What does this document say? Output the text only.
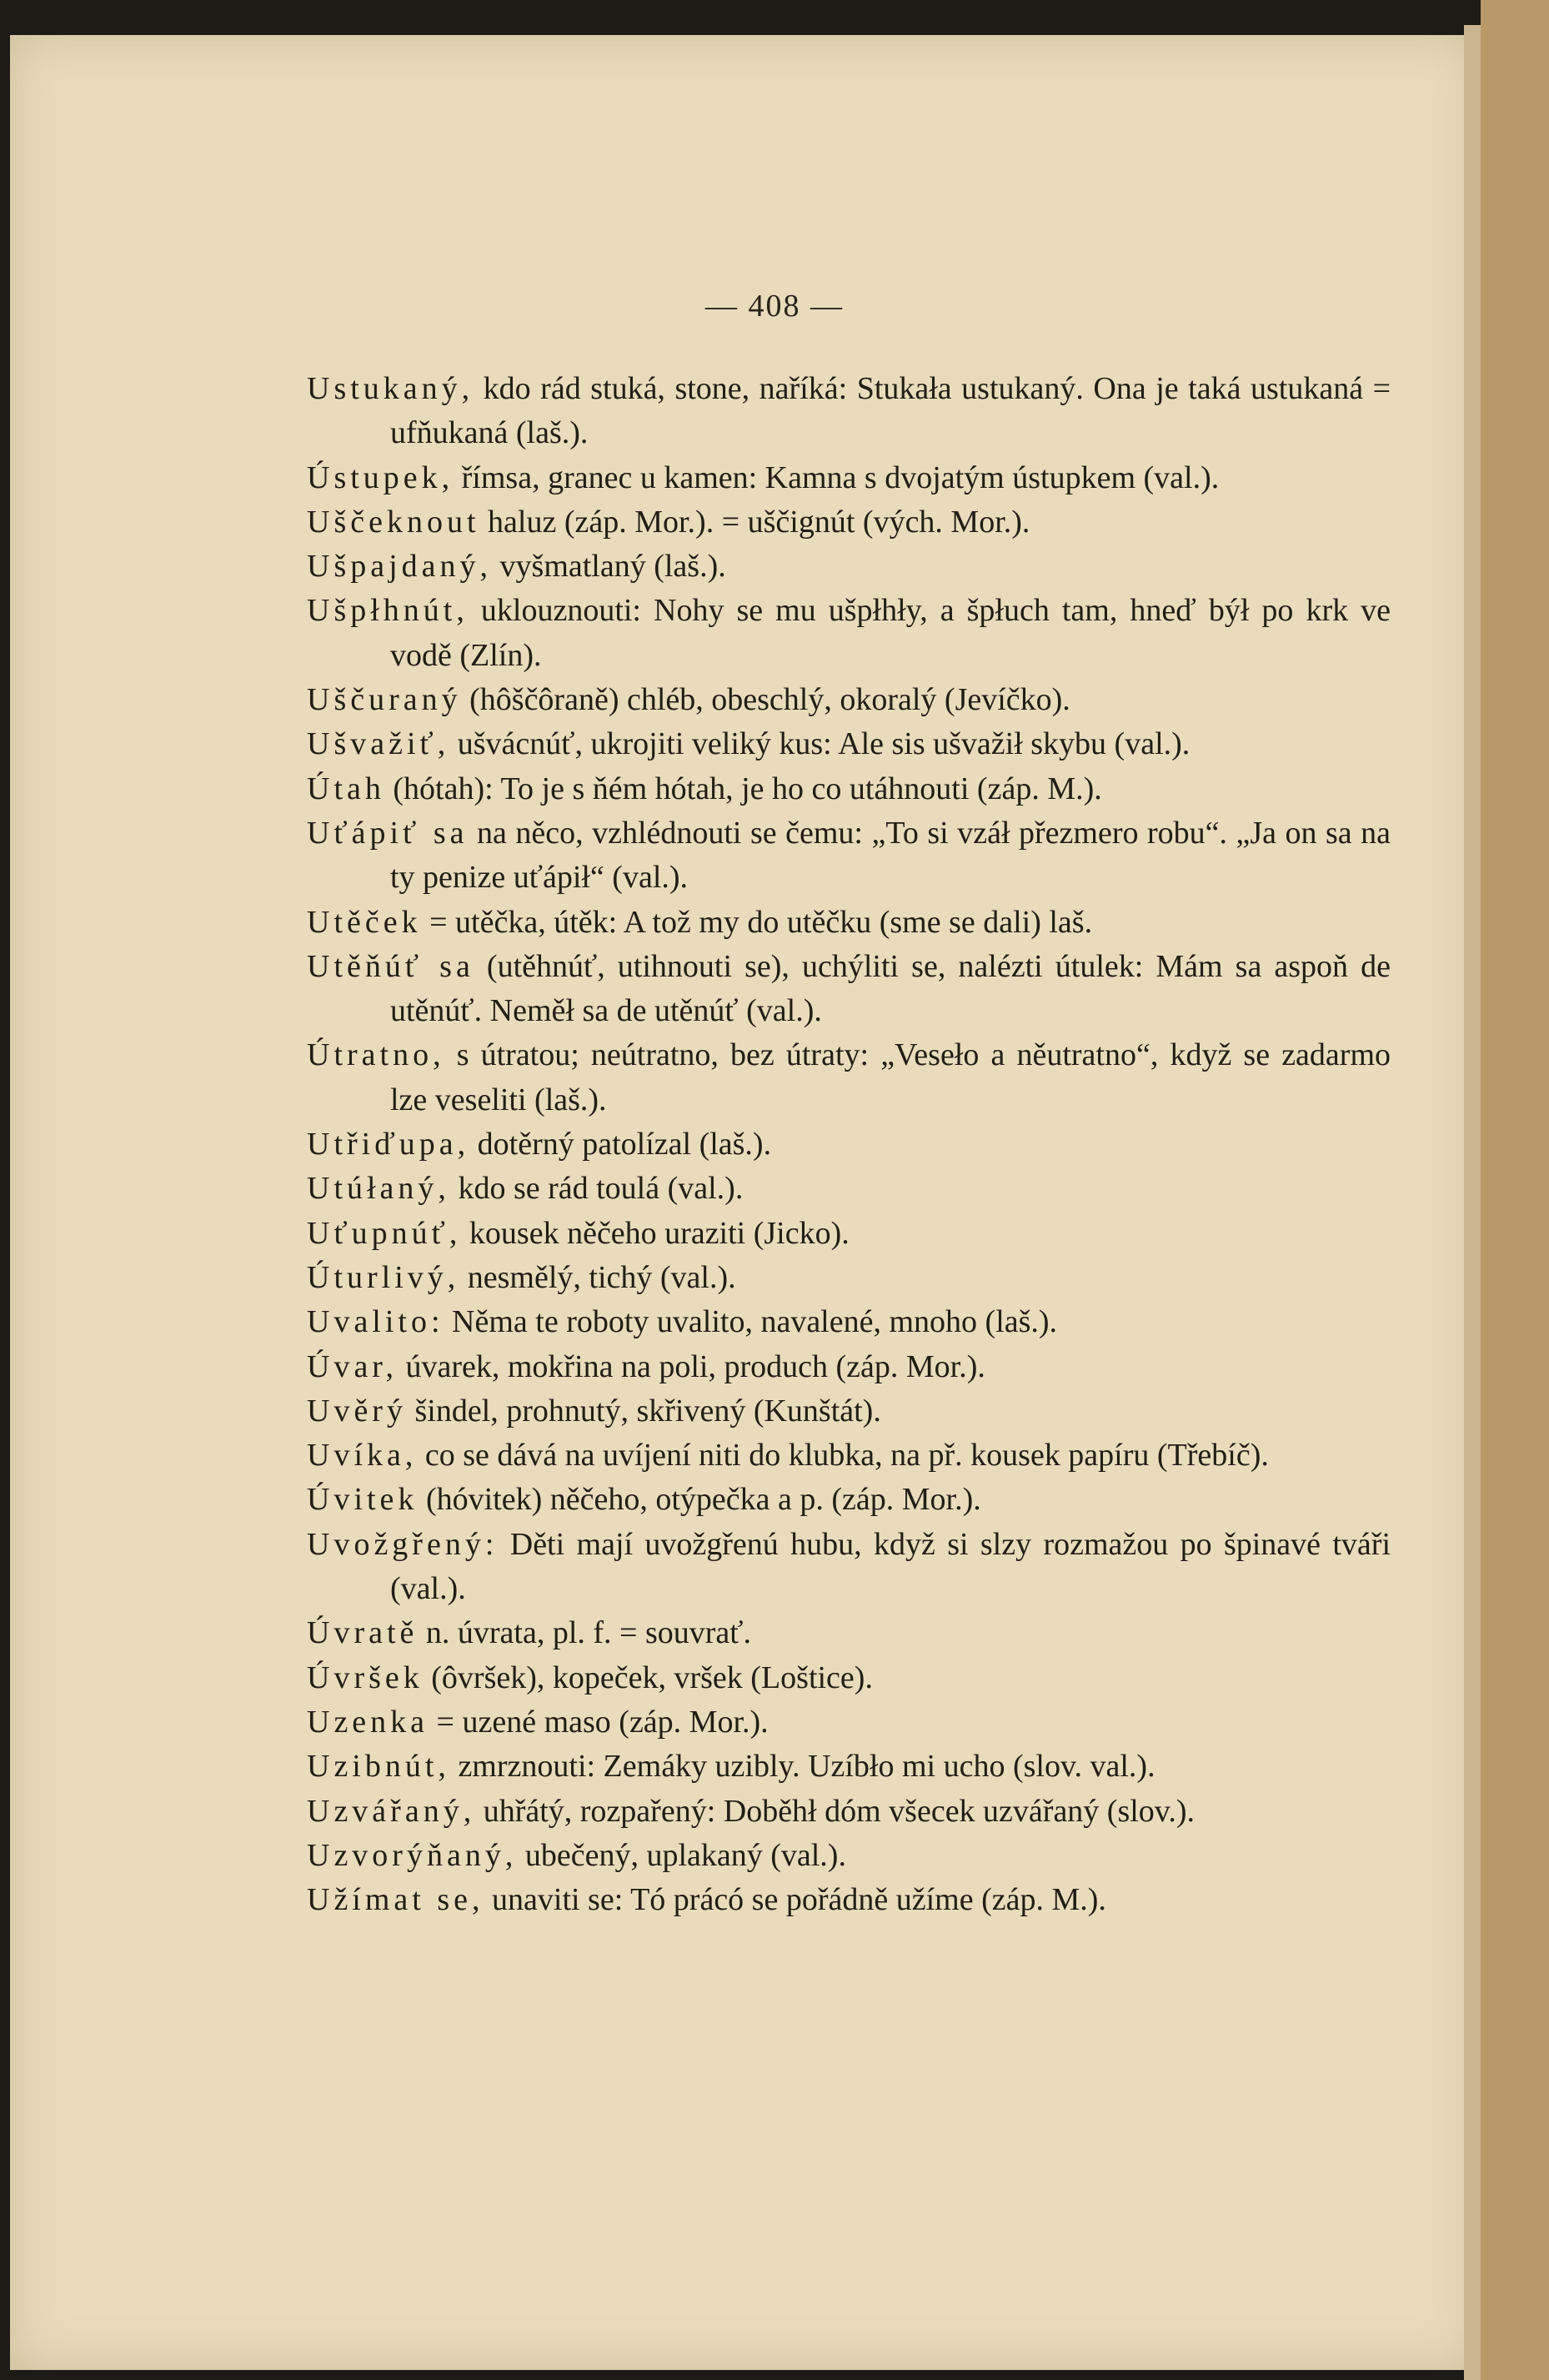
— 408 —

Ustukaný, kdo rád stuká, stone, naříká: Stukała ustukaný. Ona je taká ustukaná = ufňukaná (laš.).

Ústupek, římsa, granec u kamen: Kamna s dvojatým ústupkem (val.).

Uščeknout haluz (záp. Mor.). = uščignút (vých. Mor.).

Ušpajdaný, vyšmatlaný (laš.).

Ušpłhnút, uklouznouti: Nohy se mu ušpłhły, a špłuch tam, hneď býł po krk ve vodě (Zlín).

Uščuraný (hôščôraně) chléb, obeschlý, okoralý (Jevíčko).

Ušvažiť, ušvácnúť, ukrojiti veliký kus: Ale sis ušvažił skybu (val.).

Útah (hótah): To je s ňém hótah, je ho co utáhnouti (záp. M.).

Uťápiť sa na něco, vzhlédnouti se čemu: „To si vzáł přezmero robu“. „Ja on sa na ty penize uťápił“ (val.).

Utěček = utěčka, útěk: A tož my do utěčku (sme se dali) laš.

Utěňúť sa (utěhnúť, utihnouti se), uchýliti se, nalézti útulek: Mám sa aspoň de utěnúť. Neměł sa de utěnúť (val.).

Útratno, s útratou; neútratno, bez útraty: „Veseło a něutratno“, když se zadarmo lze veseliti (laš.).

Utřiďupa, dotěrný patolízal (laš.).

Utúłaný, kdo se rád toulá (val.).

Uťupnúť, kousek něčeho uraziti (Jicko).

Úturlivý, nesmělý, tichý (val.).

Uvalito: Něma te roboty uvalito, navalené, mnoho (laš.).

Úvar, úvarek, mokřina na poli, produch (záp. Mor.).

Uvěrý šindel, prohnutý, skřivený (Kunštát).

Uvíka, co se dává na uvíjení niti do klubka, na př. kousek papíru (Třebíč).

Úvitek (hóvitek) něčeho, otýpečka a p. (záp. Mor.).

Uvožgřený: Děti mají uvožgřenú hubu, když si slzy rozmažou po špinavé tváři (val.).

Úvratě n. úvrata, pl. f. = souvrať.

Úvršek (ôvršek), kopeček, vršek (Loštice).

Uzenka = uzené maso (záp. Mor.).

Uzibnút, zmrznouti: Zemáky uzibly. Uzíbło mi ucho (slov. val.).

Uzvářaný, uhřátý, rozpařený: Doběhł dóm všecek uzvářaný (slov.).

Uzvorýňaný, ubečený, uplakaný (val.).

Užímat se, unaviti se: Tó prácó se pořádně užíme (záp. M.).
